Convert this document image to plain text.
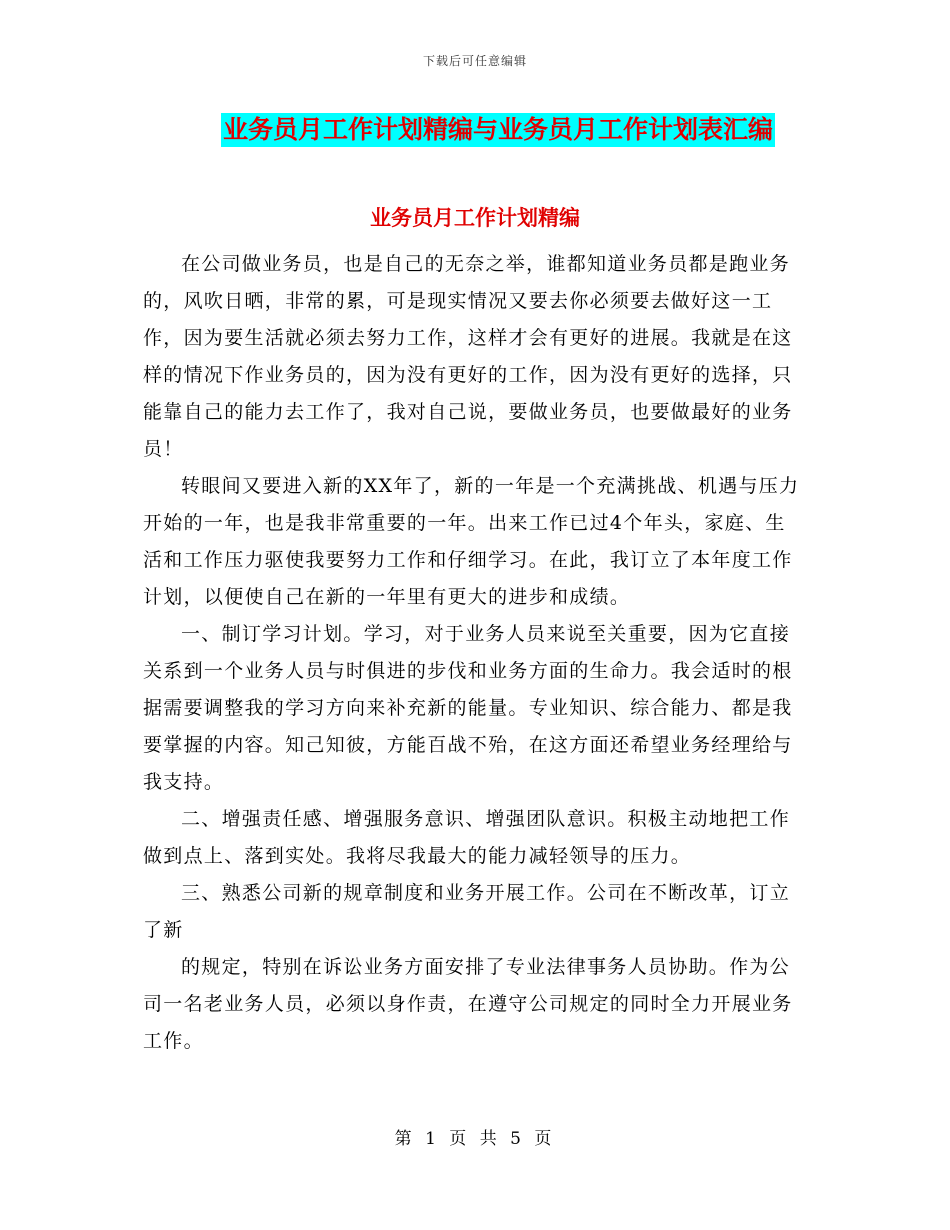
下载后可任意编辑
业务员月工作计划精编与业务员月工作计划表汇编
业务员月工作计划精编

在公司做业务员，也是自己的无奈之举，谁都知道业务员都是跑业务的，风吹日晒，非常的累，可是现实情况又要去你必须要去做好这一工作，因为要生活就必须去努力工作，这样才会有更好的进展。我就是在这样的情况下作业务员的，因为没有更好的工作，因为没有更好的选择，只能靠自己的能力去工作了，我对自己说，要做业务员，也要做最好的业务员！

转眼间又要进入新的XX年了，新的一年是一个充满挑战、机遇与压力开始的一年，也是我非常重要的一年。出来工作已过4个年头，家庭、生活和工作压力驱使我要努力工作和仔细学习。在此，我订立了本年度工作计划，以便使自己在新的一年里有更大的进步和成绩。

一、制订学习计划。学习，对于业务人员来说至关重要，因为它直接关系到一个业务人员与时俱进的步伐和业务方面的生命力。我会适时的根据需要调整我的学习方向来补充新的能量。专业知识、综合能力、都是我要掌握的内容。知己知彼，方能百战不殆，在这方面还希望业务经理给与我支持。

二、增强责任感、增强服务意识、增强团队意识。积极主动地把工作做到点上、落到实处。我将尽我最大的能力减轻领导的压力。

三、熟悉公司新的规章制度和业务开展工作。公司在不断改革，订立了新

的规定，特别在诉讼业务方面安排了专业法律事务人员协助。作为公司一名老业务人员，必须以身作责，在遵守公司规定的同时全力开展业务工作。

第 1 页 共 5 页
